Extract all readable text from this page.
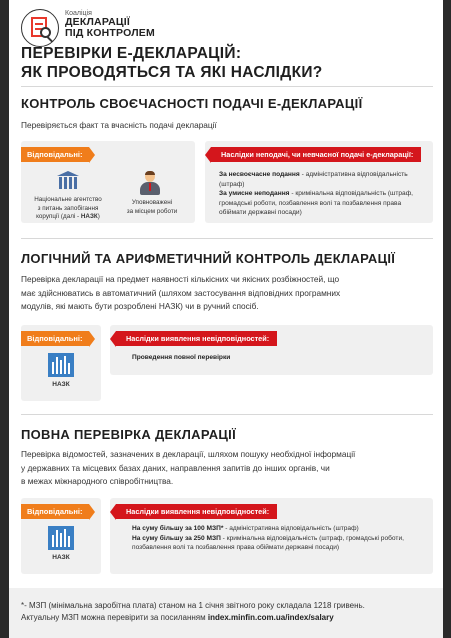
Коаліція
ДЕКЛАРАЦІЇ
ПІД КОНТРОЛЕМ
ПЕРЕВІРКИ Е-ДЕКЛАРАЦІЙ:
ЯК ПРОВОДЯТЬСЯ ТА ЯКІ НАСЛІДКИ?
КОНТРОЛЬ СВОЄЧАСНОСТІ ПОДАЧІ Е-ДЕКЛАРАЦІЇ
Перевіряється факт та вчасність подачі декларації
Відповідальні:
Національне агентство
з питань запобігання
корупції (далі - НАЗК)
Уповноважені
за місцем роботи
Наслідки неподачі, чи невчасної подачі е-декларації:
За несвоєчасне подання - адміністративна відповідальність (штраф)
За умисне неподання - кримінальна відповідальність (штраф, громадські роботи, позбавлення волі та позбавлення права обіймати державні посади)
ЛОГІЧНИЙ ТА АРИФМЕТИЧНИЙ КОНТРОЛЬ ДЕКЛАРАЦІЇ
Перевірка декларації на предмет наявності кількісних чи якісних розбіжностей, що
має здійснюватись в автоматичний (шляхом застосування відповідних програмних
модулів, які мають бути розроблені НАЗК) чи в ручний спосіб.
Відповідальні:
НАЗК
Наслідки виявлення невідповідностей:
Проведення повної перевірки
ПОВНА ПЕРЕВІРКА ДЕКЛАРАЦІЇ
Перевірка відомостей, зазначених в декларації, шляхом пошуку необхідної інформації
у державних та місцевих базах даних, направлення запитів до інших органів, чи
в межах міжнародного співробітництва.
Відповідальні:
НАЗК
Наслідки виявлення невідповідностей:
На суму більшу за 100 МЗП* - адміністративна відповідальність (штраф)
На суму більшу за 250 МЗП - кримінальна відповідальність (штраф, громадські роботи, позбавлення волі та позбавлення права обіймати державні посади)
*- МЗП (мінімальна заробітна плата) станом на 1 січня звітного року складала 1218 гривень.
Актуальну МЗП можна перевірити за посиланням index.minfin.com.ua/index/salary
